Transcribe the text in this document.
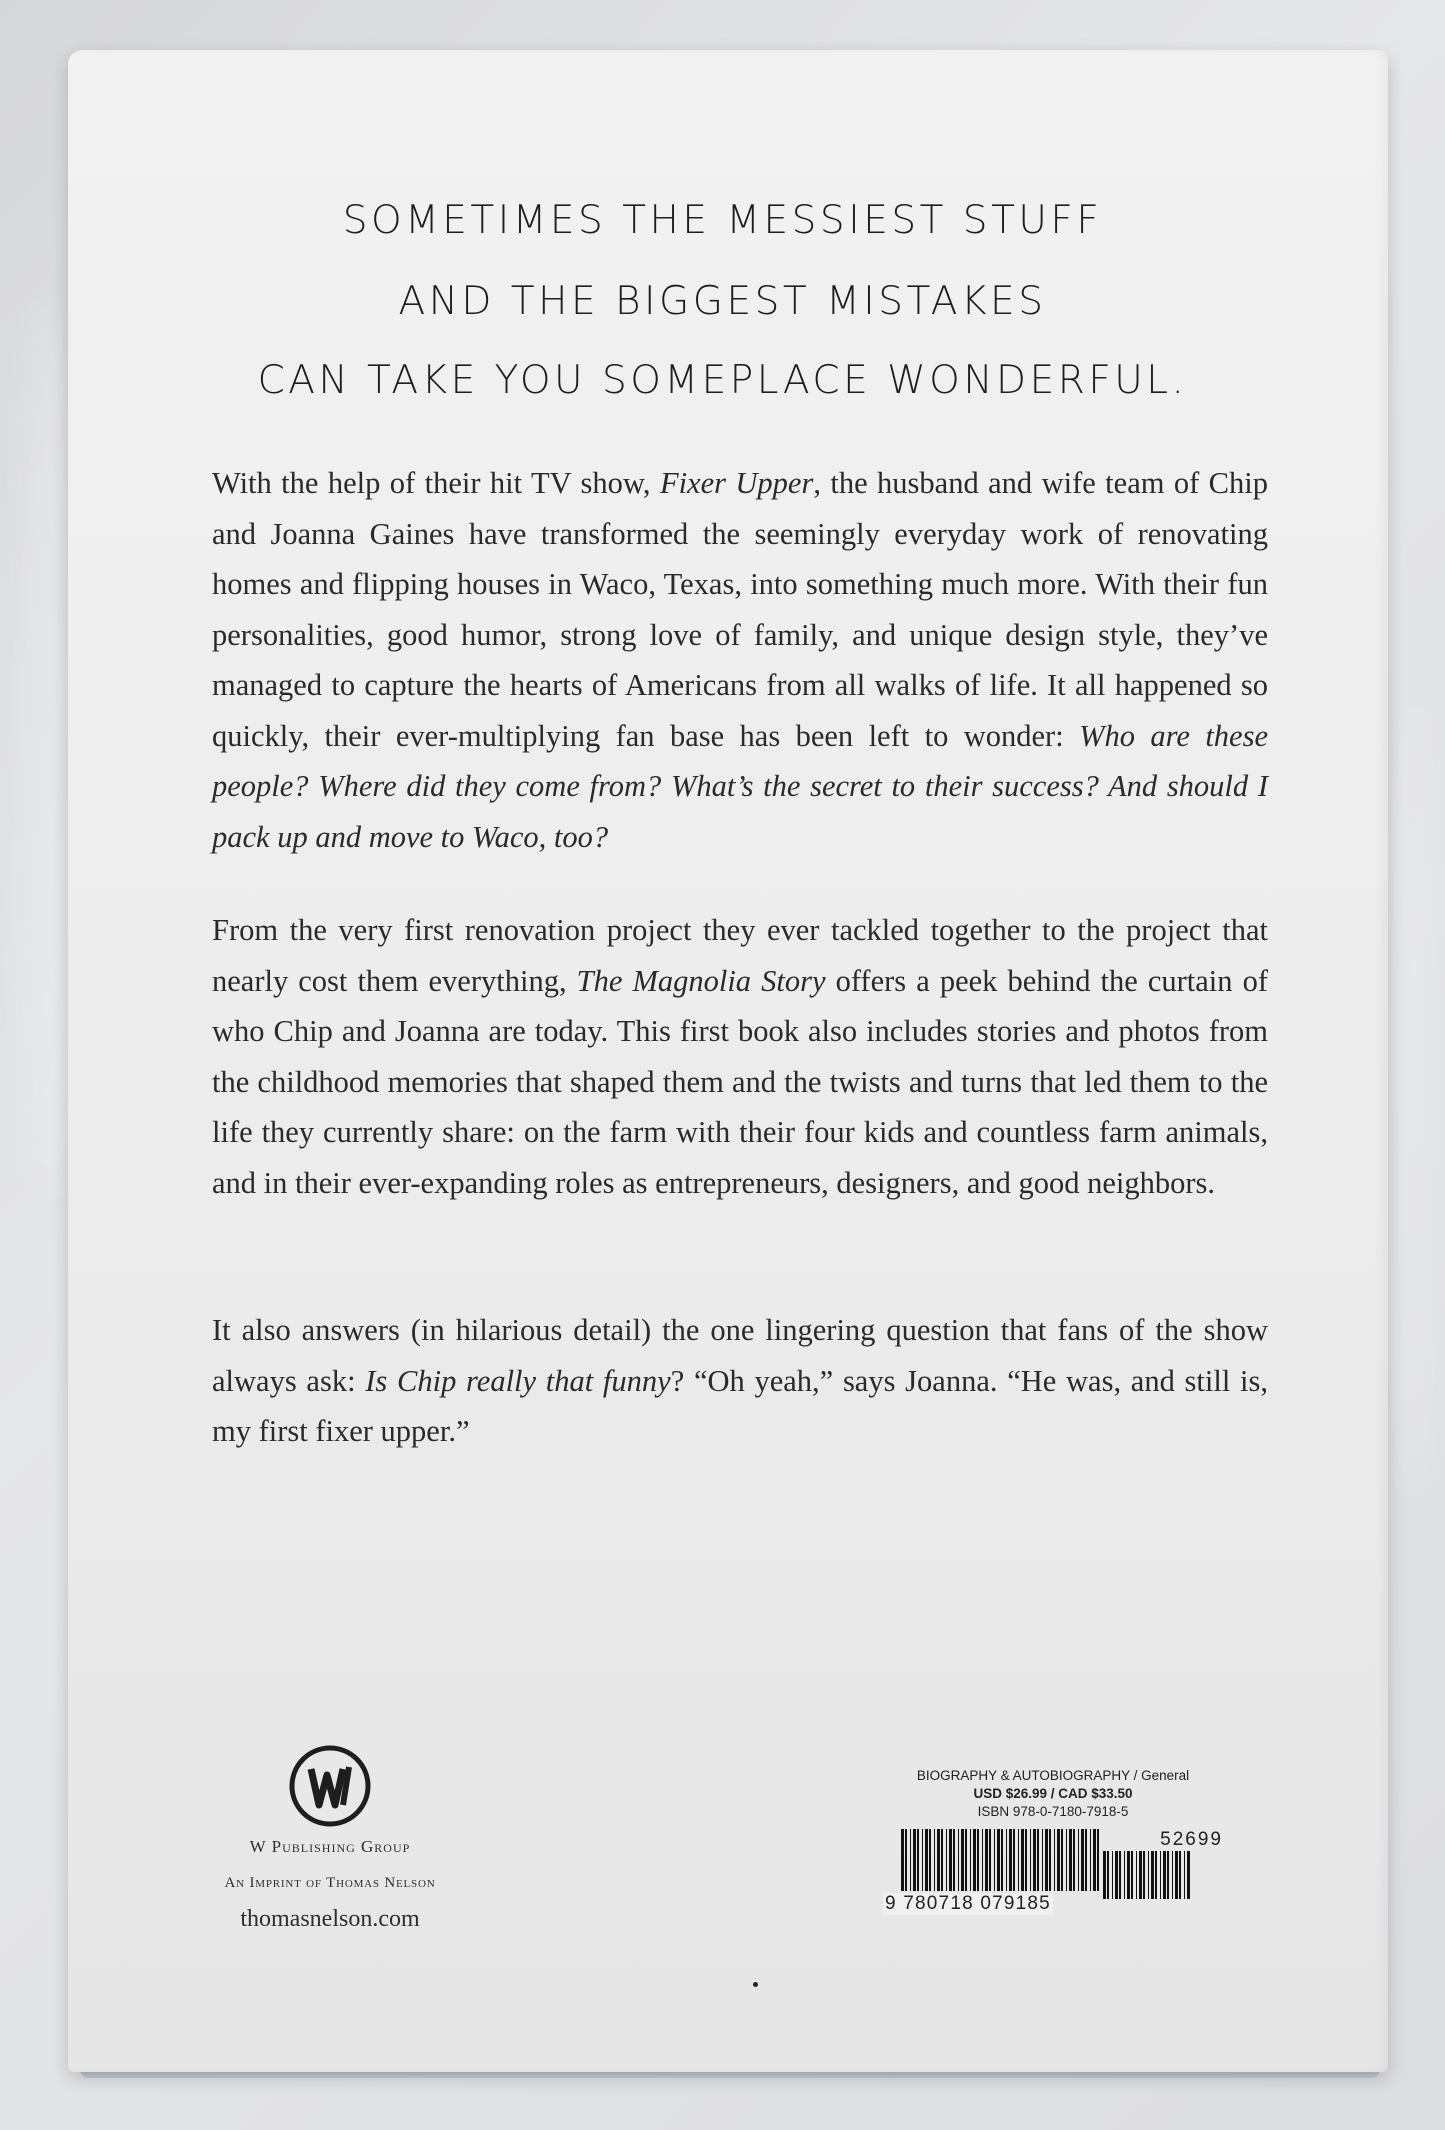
SOMETIMES THE MESSIEST STUFF
AND THE BIGGEST MISTAKES
CAN TAKE YOU SOMEPLACE WONDERFUL.

With the help of their hit TV show, Fixer Upper, the husband and wife team of Chip and Joanna Gaines have transformed the seemingly everyday work of renovating homes and flipping houses in Waco, Texas, into something much more. With their fun personalities, good humor, strong love of family, and unique design style, they’ve managed to capture the hearts of Americans from all walks of life. It all happened so quickly, their ever-multiplying fan base has been left to wonder: Who are these people? Where did they come from? What’s the secret to their success? And should I pack up and move to Waco, too?

From the very first renovation project they ever tackled together to the project that nearly cost them everything, The Magnolia Story offers a peek behind the curtain of who Chip and Joanna are today. This first book also includes stories and photos from the childhood memories that shaped them and the twists and turns that led them to the life they currently share: on the farm with their four kids and countless farm animals, and in their ever-expanding roles as entrepreneurs, designers, and good neighbors.

It also answers (in hilarious detail) the one lingering question that fans of the show always ask: Is Chip really that funny? “Oh yeah,” says Joanna. “He was, and still is, my first fixer upper.”

W Publishing Group
An Imprint of Thomas Nelson
thomasnelson.com
BIOGRAPHY & AUTOBIOGRAPHY / General
USD $26.99 / CAD $33.50
ISBN 978-0-7180-7918-5
52699
9 780718 079185
